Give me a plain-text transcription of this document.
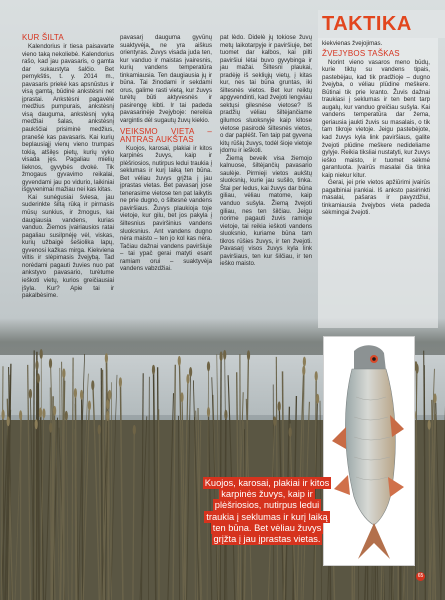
TAKTIKA
KUR ŠILTA

Kalendorius ir tiesa paisavarte vieno taką nekoliebė. Kalendorius rašo, kad jau pavasaris, o gamta dar sukaustyta šalčio. Bet pernykštis, t. y. 2014 m., pavasaris priekė kas apsnūstus ir visą gamtą, būdinė ankstėsni net įprastai. Ankstėsni pagavėlė medžius pumpurais, ankstėsnį visą dauguma, ankstėsnį vyką medžiai šalas, ankstėsnį paukščiai prisiminė medžius, pranešė kas pavasaris. Kai kurių beplausiąjį vienų vieno trumpas tokią, atšilęs pietų, kurių vyko visada jęs. Pagaliau mielių lieknos, gyvybės dvokė. Tik žmogaus gyvavimo reikalai, gyvendami jau po vidurio, laikiniai išgyvenimai mažiau nei kas kitas.

Kai sunėgusiai šviesa, jau suderinkte šiltą rūką ir pirmasis mūsų sunkius, ir žmogus, kai daugiausia vandens, kurias vanduo. Žiemos įvairiausios ratai pagaliau susilpnėję vėl, viskas, kurių užbaigė šešiolika lapų, gyvenosi kažkas mirga. Kiekviena viltis ir slėpimasis žvejybą. Tad norėdami pagauti žuvies nuo pat ankstyvo pavasario, turėtume ieškoti vietų, kurios greičiausiai įšyla. Kur? Apie tai ir pakalbėsime.

pavasarį dauguma gyvūnų suaktyvėja, ne yra aiškus orientyras. Žuvys visada juda ten, kur vanduo ir maistas įvairesnis, kurių vandens temperatūra tinkamiausia. Ten daugiausia jų ir būna. Tai žinodami ir sekdami orus, galime rasti vietą, kur žuvys turėtų būti aktyvesnės ir pasirengę kibti. Ir tai padeda pavasarinėje žvejyboje: nereikia vargintis dėl sugautų žuvų kiekio.

VEIKSMO VIETA – ANTRAS AUKŠTAS

Kuojos, karosai, plakiai ir kitos karpinės žuvys, kaip ir plėšriosios, nutirpus ledui traukia į seklumas ir kurį laiką ten būna. Bet vėliau žuvys grįžta į jau įprastas vietas. Bet pavasarį jose tenerasime vietose ten pat laikytis ne prie dugno, o šiltesnė vandens paviršiaus. Žuvys plaukioja toje vietoje, kur gilu, bet jos pakyla į šiltesnius paviršinius vandens sluoksnius. Ant vandens dugno nėra maisto – ten jo kol kas nėra. Tačiau dažnai vandens paviršiuje – tai ypač gerai matyti esant ramiam orui – suaktyvėja vandens vabzdžiai.

pat lėdo. Didelė jų tokiose žuvų metų laikotarpyje ir paviršiuje, bet tuomet dar kalbos, kai pilti paviršiui lėtai buvo gyvybinga ir jau mažai. Šiltesni plaukai, pradėję iš sekliųjų vietų, į kitas kur, nes tai būna gruntas, iki šiltesnės vietos. Bet kur reiktų apgyvendinti, kad žvejoti lengviau sektųsi gilesnėse vietose? Iš pradžių vėliau šiltėjančiame gilumos sluoksnyje kaip kitose vietose pasirodė šiltesnės vietos, o dar paplėšt. Ten taip pat gyvena kitų rūšių žuvys, todėl šioje vietoje įdomu ir ieškoti.

Žiemą beveik visa žiemojo kalnuose, šiltėjančių pavasario saulėje. Pirmieji vietos aukštų sluoksnių, kurie jau sušilo, tinka. Štai per ledus, kai žuvys dar būna giliau, vėliau matome, kaip vanduo sušyla. Žiemą žvejoti giliau, nes ten šilčiau. Jeigu norime pagauti žuvis ramioje vietoje, tai reikia ieškoti vandens sluoksnio, kuriame būna tam tikros rūšies žuvys, ir ten žvejoti. Pavasarį visos žuvys kyla link paviršiaus, ten kur šilčiau, ir ten ieško maisto.

kiekvienas žvejojimas.

ŽVEJYBOS TAŠKAS

Norint vieno vasaros meno būdų, kurie tiktų su vandens tipais, pastebėjau, kad tik pradžioje – dugno žvejyba, o vėliau plūdine meškere. Būtinai tik prie kranto. Žuvis dažnai traukiasi į seklumas ir ten bent tarp augalų, kur vanduo greičiau sušyla. Kai vandens temperatūra dar žema, geriausia jaukti žuvis su masalais, o tik tam tikroje vietoje. Jeigu pastebėjote, kad žuvys kyla link paviršiaus, galite žvejoti plūdine meškere nedideliame gylyje. Reikia tiksliai nustatyti, kur žuvys ieško maisto, ir tuomet sėkmė garantuota. Įvairūs masalai čia tinka kaip niekur kitur.

Gerai, jei prie vietos apžiūrimi įvairūs pagalbiniai įrankiai. Iš anksto pasirinkti masalai, pašaras ir pavyzdžiui, tinkamiausia žvejybos vieta padeda sėkmingai žvejoti.

Kuojos, karosai, plakiai ir kitos
karpinės žuvys, kaip ir
plėšriosios, nutirpus ledui
traukia į seklumas ir kurį laiką
ten būna. Bet vėliau žuvys
grįžta į jau įprastas vietas.
65
